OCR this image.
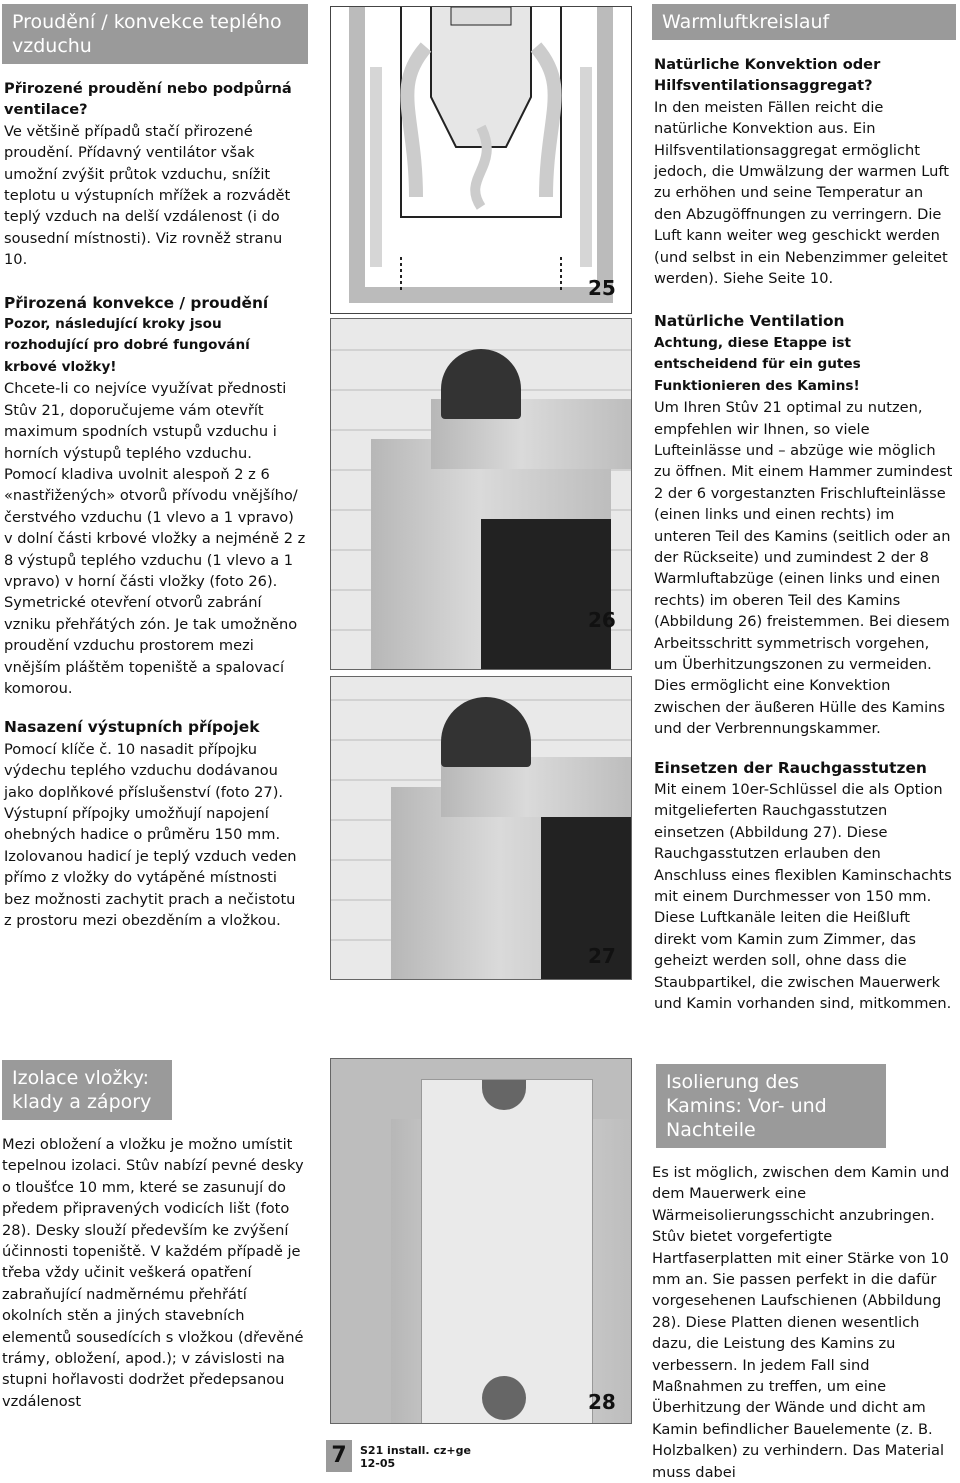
Proudění / konvekce teplého vzduchu

Přirozené proudění nebo podpůrná ventilace?

Ve většině případů stačí přirozené proudění. Přídavný ventilátor však umožní zvýšit průtok vzduchu, snížit teplotu u výstupních mřížek a rozvádět teplý vzduch na delší vzdálenost (i do sousední místnosti). Viz rovněž stranu 10.

Přirozená konvekce / proudění

Pozor, následující kroky jsou rozhodující pro dobré fungování krbové vložky!

Chcete-li co nejvíce využívat přednosti Stûv 21, doporučujeme vám otevřít maximum spodních vstupů vzduchu i horních výstupů teplého vzduchu. Pomocí kladiva uvolnit alespoň 2 z 6 «nastřižených» otvorů přívodu vnějšího/čerstvého vzduchu (1 vlevo a 1 vpravo) v dolní části krbové vložky a nejméně 2 z 8 výstupů teplého vzduchu (1 vlevo a 1 vpravo) v horní části vložky (foto 26). Symetrické otevření otvorů zabrání vzniku přehřátých zón. Je tak umožněno proudění vzduchu prostorem mezi vnějším pláštěm topeniště a spalovací komorou.

Nasazení výstupních přípojek

Pomocí klíče č. 10 nasadit přípojku výdechu teplého vzduchu dodávanou jako doplňkové příslušenství (foto 27). Výstupní přípojky umožňují napojení ohebných hadice o průměru 150 mm. Izolovanou hadicí je teplý vzduch veden přímo z vložky do vytápěné místnosti bez možnosti zachytit prach a nečistotu z prostoru mezi obezděním a vložkou.

Izolace vložky: klady a zápory

Mezi obložení a vložku je možno umístit tepelnou izolaci. Stûv nabízí pevné desky o tloušťce 10 mm, které se zasunují do předem připravených vodicích lišt (foto 28). Desky slouží především ke zvýšení účinnosti topeniště. V každém případě je třeba vždy učinit veškerá opatření zabraňující nadměrnému přehřátí okolních stěn a jiných stavebních elementů sousedících s vložkou (dřevěné trámy, obložení, apod.); v závislosti na stupni hořlavosti dodržet předepsanou vzdálenost

25
26
27
28
Warmluftkreislauf

Natürliche Konvektion oder Hilfsventilationsaggregat?

In den meisten Fällen reicht die natürliche Konvektion aus. Ein Hilfsventilationsaggregat ermöglicht jedoch, die Umwälzung der warmen Luft zu erhöhen und seine Temperatur an den Abzugöffnungen zu verringern. Die Luft kann weiter weg geschickt werden (und selbst in ein Nebenzimmer geleitet werden). Siehe Seite 10.

Natürliche Ventilation

Achtung, diese Etappe ist entscheidend für ein gutes Funktionieren des Kamins!

Um Ihren Stûv 21 optimal zu nutzen, empfehlen wir Ihnen, so viele Lufteinlässe und – abzüge wie möglich zu öffnen. Mit einem Hammer zumindest 2 der 6 vorgestanzten Frischlufteinlässe (einen links und einen rechts) im unteren Teil des Kamins (seitlich oder an der Rückseite) und zumindest 2 der 8 Warmluftabzüge (einen links und einen rechts) im oberen Teil des Kamins (Abbildung 26) freistemmen. Bei diesem Arbeitsschritt symmetrisch vorgehen, um Überhitzungszonen zu vermeiden. Dies ermöglicht eine Konvektion zwischen der äußeren Hülle des Kamins und der Verbrennungskammer.

Einsetzen der Rauchgasstutzen

Mit einem 10er-Schlüssel die als Option mitgelieferten Rauchgasstutzen einsetzen (Abbildung 27). Diese Rauchgasstutzen erlauben den Anschluss eines flexiblen Kaminschachts mit einem Durchmesser von 150 mm. Diese Luftkanäle leiten die Heißluft direkt vom Kamin zum Zimmer, das geheizt werden soll, ohne dass die Staubpartikel, die zwischen Mauerwerk und Kamin vorhanden sind, mitkommen.

Isolierung des Kamins: Vor- und Nachteile

Es ist möglich, zwischen dem Kamin und dem Mauerwerk eine Wärmeisolierungsschicht anzubringen. Stûv bietet vorgefertigte Hartfaserplatten mit einer Stärke von 10 mm an. Sie passen perfekt in die dafür vorgesehenen Laufschienen (Abbildung 28). Diese Platten dienen wesentlich dazu, die Leistung des Kamins zu verbessern. In jedem Fall sind Maßnahmen zu treffen, um eine Überhitzung der Wände und dicht am Kamin befindlicher Bauelemente (z. B. Holzbalken) zu verhindern. Das Material muss dabei

7	S21 install. cz+ge
12-05
